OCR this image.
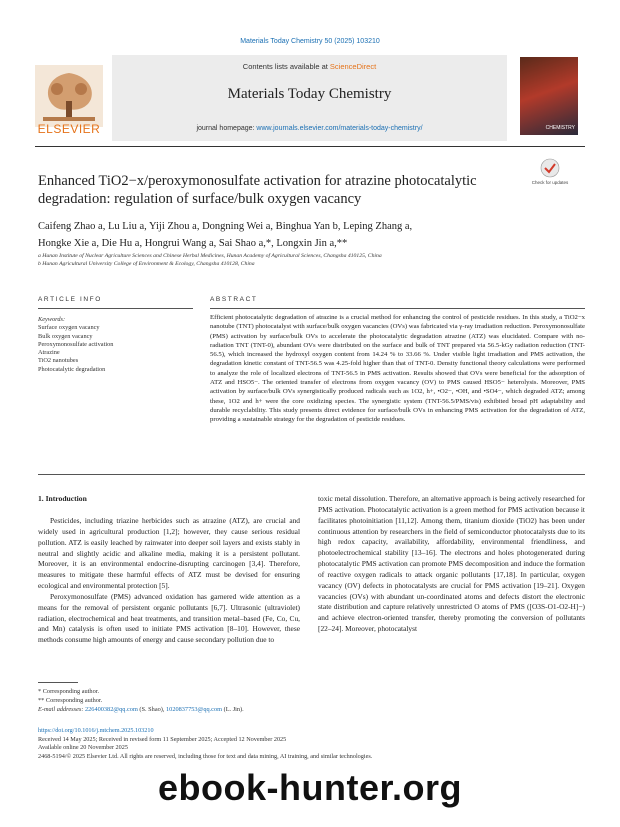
Materials Today Chemistry 50 (2025) 103210
ELSEVIER
Contents lists available at ScienceDirect
Materials Today Chemistry
journal homepage: www.journals.elsevier.com/materials-today-chemistry/	CHEMISTRY
Enhanced TiO2−x/peroxymonosulfate activation for atrazine photocatalytic degradation: regulation of surface/bulk oxygen vacancy
Check for updates
Caifeng Zhao a, Lu Liu a, Yiji Zhou a, Dongning Wei a, Binghua Yan b, Leping Zhang a,
Hongke Xie a, Die Hu a, Hongrui Wang a, Sai Shao a,*, Longxin Jin a,**
a Hunan Institute of Nuclear Agriculture Sciences and Chinese Herbal Medicines, Hunan Academy of Agricultural Sciences, Changsha 410125, China
b Hunan Agricultural University College of Environment & Ecology, Changsha 410128, China
ARTICLE INFO	ABSTRACT
Keywords:
Surface oxygen vacancy
Bulk oxygen vacancy
Peroxymonosulfate activation
Atrazine
TiO2 nanotubes
Photocatalytic degradation
Efficient photocatalytic degradation of atrazine is a crucial method for enhancing the control of pesticide residues. In this study, a TiO2−x nanotube (TNT) photocatalyst with surface/bulk oxygen vacancies (OVs) was fabricated via γ-ray irradiation reduction. Peroxymonosulfate (PMS) activation by surface/bulk OVs to accelerate the photocatalytic degradation atrazine (ATZ) was elucidated. Compare with no-radiation TNT (TNT-0), abundant OVs were distributed on the surface and bulk of TNT prepared via 56.5-kGy radiation reduction (TNT-56.5), which increased the hydroxyl oxygen content from 14.24 % to 33.66 %. Under visible light irradiation and PMS activation, the degradation kinetic constant of TNT-56.5 was 4.25-fold higher than that of TNT-0. Density functional theory calculations were performed to analyze the role of localized electrons of TNT-56.5 in PMS activation. Results showed that OVs were beneficial for the adsorption of ATZ and HSO5−. The oriented transfer of electrons from oxygen vacancy (OV) to PMS caused HSO5− heterolysis. Moreover, PMS activation by surface/bulk OVs synergistically produced radicals such as 1O2, h+, •O2−, •OH, and •SO4−, which degraded ATZ; among these, 1O2 and h+ were the core oxidizing species. The synergistic system (TNT-56.5/PMS/vis) exhibited broad pH adaptability and durable recyclability. This study presents direct evidence for surface/bulk OVs in enhancing PMS activation for the degradation of ATZ, providing a sustainable strategy for the degradation of pesticide residues.
1. Introduction

Pesticides, including triazine herbicides such as atrazine (ATZ), are crucial and widely used in agricultural production [1,2]; however, they cause serious residual pollution. ATZ is easily leached by rainwater into deeper soil layers and exists stably in neutral and slightly acidic and alkaline media, making it is a persistent pollutant. Moreover, it is an environmental endocrine-disrupting carcinogen [3,4]. Therefore, measures to mitigate these harmful effects of ATZ must be devised for ensuring ecological and environmental protection [5].

Peroxymonosulfate (PMS) advanced oxidation has garnered wide attention as a means for the removal of persistent organic pollutants [6,7]. Ultrasonic (ultraviolet) radiation, electrochemical and heat treatments, and transition metal–based (Fe, Co, Cu, and Mn) catalysis is often used to initiate PMS activation [8–10]. However, these methods consume high amounts of energy and cause secondary pollution due to

toxic metal dissolution. Therefore, an alternative approach is being actively researched for PMS activation. Photocatalytic activation is a green method for PMS activation because it facilitates photoinitiation [11,12]. Among them, titanium dioxide (TiO2) has been under continuous attention by researchers in the field of semiconductor photocatalysts due to its high redox capacity, availability, affordability, environmental friendliness, and photoelectrochemical stability [13–16]. The electrons and holes photogenerated during photocatalytic PMS activation can promote PMS decomposition and induce the formation of reactive oxygen radicals to attack organic pollutants [17,18]. In particular, oxygen vacancy (OV) defects in photocatalysts are crucial for PMS activation [19–21]. Oxygen vacancies (OVs) with abundant un-coordinated atoms and defects distort the electronic state distribution and capture relatively unrestricted O atoms of PMS ([O3S-O1-O2-H]−) and achieve electron-oriented transfer, thereby promoting the conversion of pollutants [22–24]. Moreover, photocatalyst

* Corresponding author.
** Corresponding author.
E-mail addresses: 226400382@qq.com (S. Shao), 1020837753@qq.com (L. Jin).
https://doi.org/10.1016/j.mtchem.2025.103210
Received 14 May 2025; Received in revised form 11 September 2025; Accepted 12 November 2025
Available online 20 November 2025
2468-5194/© 2025 Elsevier Ltd. All rights are reserved, including those for text and data mining, AI training, and similar technologies.
ebook-hunter.org
